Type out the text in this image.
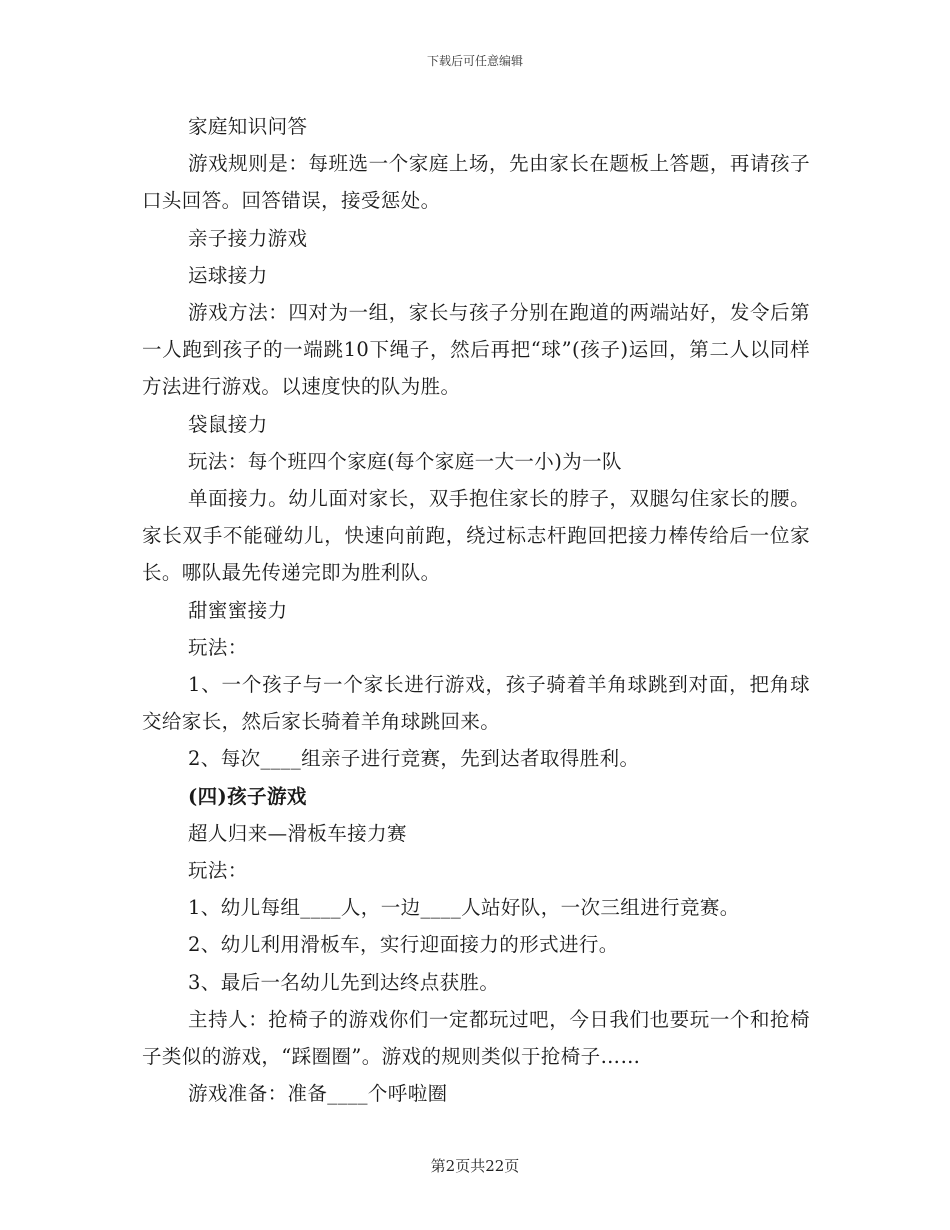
下载后可任意编辑

家庭知识问答

游戏规则是：每班选一个家庭上场，先由家长在题板上答题，再请孩子口头回答。回答错误，接受惩处。

亲子接力游戏

运球接力

游戏方法：四对为一组，家长与孩子分别在跑道的两端站好，发令后第一人跑到孩子的一端跳10下绳子，然后再把“球”(孩子)运回，第二人以同样方法进行游戏。以速度快的队为胜。

袋鼠接力

玩法：每个班四个家庭(每个家庭一大一小)为一队

单面接力。幼儿面对家长，双手抱住家长的脖子，双腿勾住家长的腰。家长双手不能碰幼儿，快速向前跑，绕过标志杆跑回把接力棒传给后一位家长。哪队最先传递完即为胜利队。

甜蜜蜜接力

玩法：

1、一个孩子与一个家长进行游戏，孩子骑着羊角球跳到对面，把角球交给家长，然后家长骑着羊角球跳回来。

2、每次____组亲子进行竞赛，先到达者取得胜利。

(四)孩子游戏

超人归来—滑板车接力赛

玩法：

1、幼儿每组____人，一边____人站好队，一次三组进行竞赛。

2、幼儿利用滑板车，实行迎面接力的形式进行。

3、最后一名幼儿先到达终点获胜。

主持人：抢椅子的游戏你们一定都玩过吧，今日我们也要玩一个和抢椅子类似的游戏，“踩圈圈”。游戏的规则类似于抢椅子……

游戏准备：准备____个呼啦圈

第2页共22页
